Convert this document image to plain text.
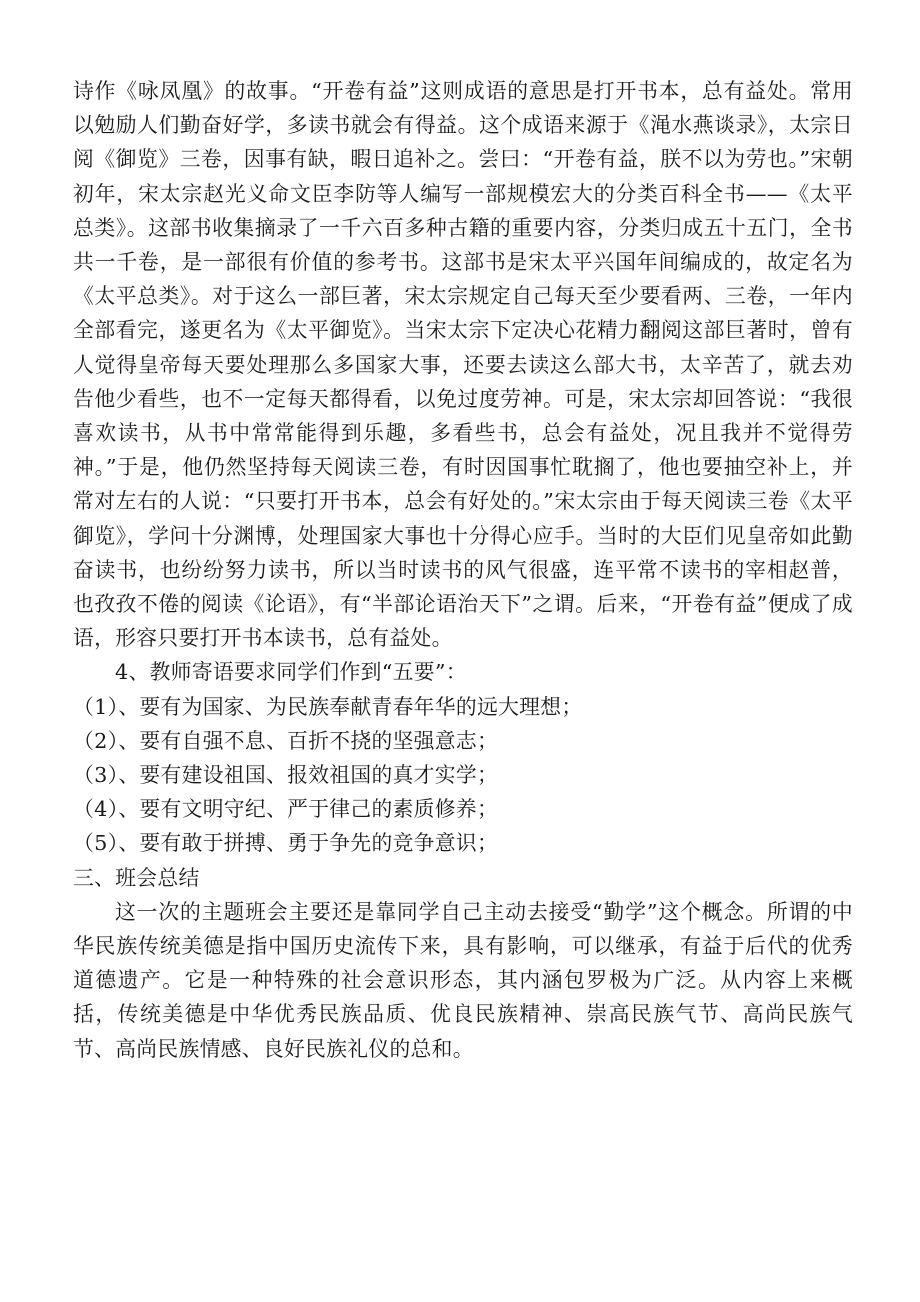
诗作《咏凤凰》的故事。“开卷有益”这则成语的意思是打开书本，总有益处。常用以勉励人们勤奋好学，多读书就会有得益。这个成语来源于《渑水燕谈录》，太宗日阅《御览》三卷，因事有缺，暇日追补之。尝曰：“开卷有益，朕不以为劳也。”宋朝初年，宋太宗赵光义命文臣李防等人编写一部规模宏大的分类百科全书——《太平总类》。这部书收集摘录了一千六百多种古籍的重要内容，分类归成五十五门，全书共一千卷，是一部很有价值的参考书。这部书是宋太平兴国年间编成的，故定名为《太平总类》。对于这么一部巨著，宋太宗规定自己每天至少要看两、三卷，一年内全部看完，遂更名为《太平御览》。当宋太宗下定决心花精力翻阅这部巨著时，曾有人觉得皇帝每天要处理那么多国家大事，还要去读这么部大书，太辛苦了，就去劝告他少看些，也不一定每天都得看，以免过度劳神。可是，宋太宗却回答说：“我很喜欢读书，从书中常常能得到乐趣，多看些书，总会有益处，况且我并不觉得劳神。”于是，他仍然坚持每天阅读三卷，有时因国事忙耽搁了，他也要抽空补上，并常对左右的人说：“只要打开书本，总会有好处的。”宋太宗由于每天阅读三卷《太平御览》，学问十分渊博，处理国家大事也十分得心应手。当时的大臣们见皇帝如此勤奋读书，也纷纷努力读书，所以当时读书的风气很盛，连平常不读书的宰相赵普，也孜孜不倦的阅读《论语》，有“半部论语治天下”之谓。后来，“开卷有益”便成了成语，形容只要打开书本读书，总有益处。

4、教师寄语要求同学们作到“五要”：

（1）、要有为国家、为民族奉献青春年华的远大理想；

（2）、要有自强不息、百折不挠的坚强意志；

（3）、要有建设祖国、报效祖国的真才实学；

（4）、要有文明守纪、严于律己的素质修养；

（5）、要有敢于拼搏、勇于争先的竞争意识；

三、班会总结

这一次的主题班会主要还是靠同学自己主动去接受“勤学”这个概念。所谓的中华民族传统美德是指中国历史流传下来，具有影响，可以继承，有益于后代的优秀道德遗产。它是一种特殊的社会意识形态，其内涵包罗极为广泛。从内容上来概括，传统美德是中华优秀民族品质、优良民族精神、崇高民族气节、高尚民族气节、高尚民族情感、良好民族礼仪的总和。
